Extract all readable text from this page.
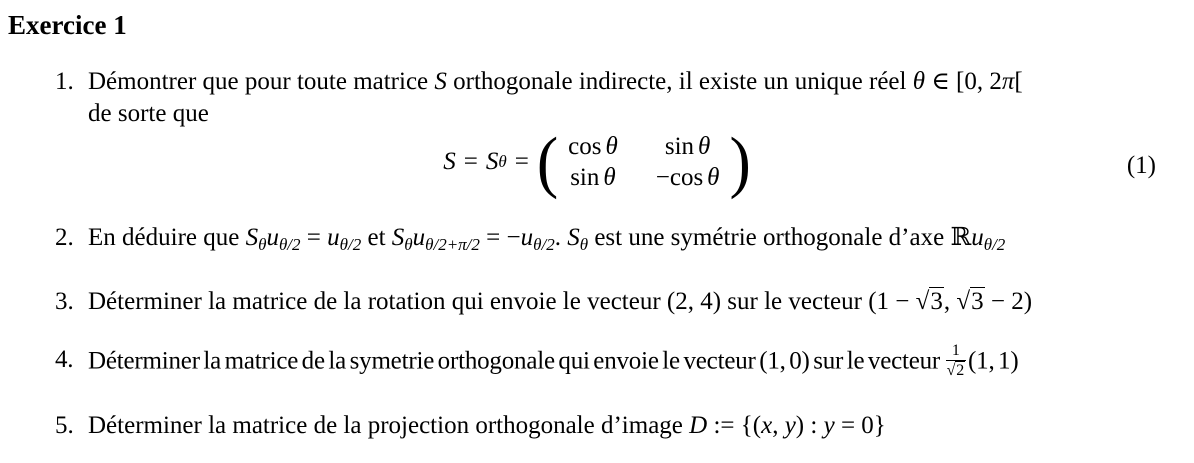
Exercice 1
1. Démontrer que pour toute matrice S orthogonale indirecte, il existe un unique réel θ ∈ [0, 2π[
de sorte que
S = S θ = ( cos θ sin θ
sin θ −cos θ )	(1)
2. En déduire que $S_\theta u_{\theta/2} = u_{\theta/2}$ et $S_\theta u_{\theta/2+\pi/2} = -u_{\theta/2}$. $S_\theta$ est une symétrie orthogonale d’axe ℝu$_{\theta/2}$
3. Déterminer la matrice de la rotation qui envoie le vecteur (2, 4) sur le vecteur (1 − √3, √3 − 2)
4. Déterminer la matrice de la symetrie orthogonale qui envoie le vecteur (1, 0) sur le vecteur $\frac{1}{√2} (1$, 1)
5. Déterminer la matrice de la projection orthogonale d’image D := {(x, y) : y = 0}
